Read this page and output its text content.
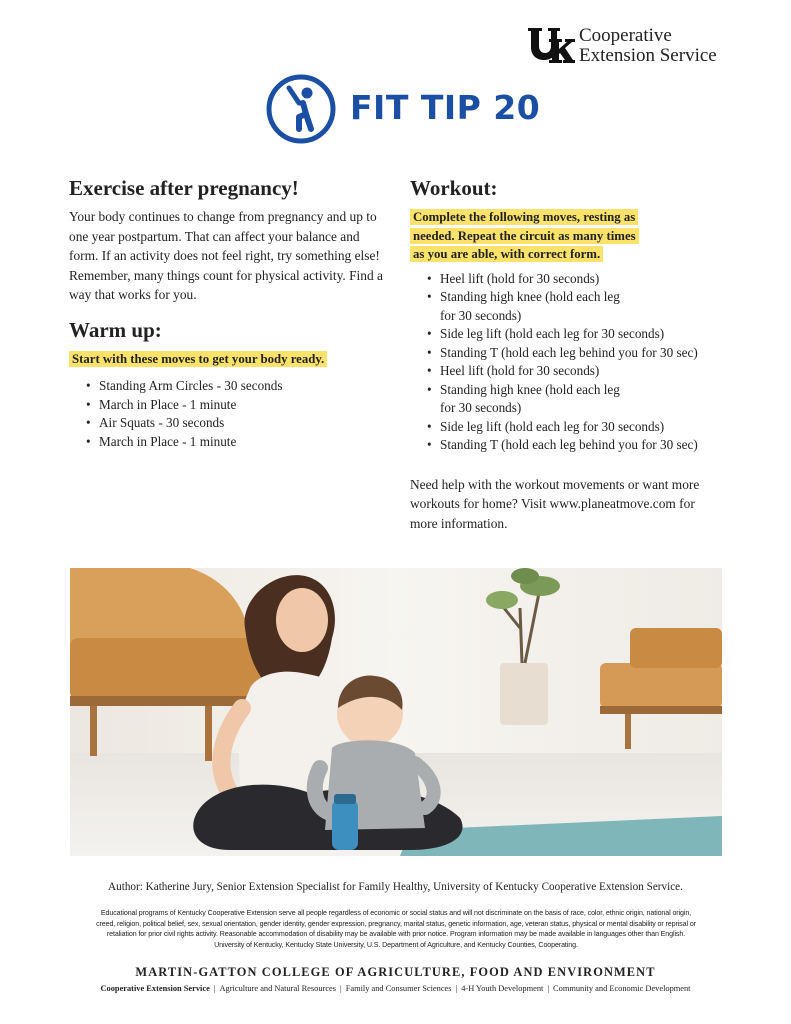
Cooperative
Extension Service
FIT TIP 20
Exercise after pregnancy!

Your body continues to change from pregnancy and up to one year postpartum. That can affect your balance and form. If an activity does not feel right, try something else! Remember, many things count for physical activity. Find a way that works for you.

Warm up:
Start with these moves to get your body ready.
• Standing Arm Circles - 30 seconds
• March in Place - 1 minute
• Air Squats - 30 seconds
• March in Place - 1 minute
Workout:
Complete the following moves, resting as
needed. Repeat the circuit as many times
as you are able, with correct form.
• Heel lift (hold for 30 seconds)
• Standing high knee (hold each leg for 30 seconds)
• Side leg lift (hold each leg for 30 seconds)
• Standing T (hold each leg behind you for 30 sec)
• Heel lift (hold for 30 seconds)
• Standing high knee (hold each leg for 30 seconds)
• Side leg lift (hold each leg for 30 seconds)
• Standing T (hold each leg behind you for 30 sec)

Need help with the workout movements or want more workouts for home? Visit www.planeatmove.com for more information.

Author: Katherine Jury, Senior Extension Specialist for Family Healthy, University of Kentucky Cooperative Extension Service.
Educational programs of Kentucky Cooperative Extension serve all people regardless of economic or social status and will not discriminate on the basis of race, color, ethnic origin, national origin, creed, religion, political belief, sex, sexual orientation, gender identity, gender expression, pregnancy, marital status, genetic information, age, veteran status, physical or mental disability or reprisal or retaliation for prior civil rights activity. Reasonable accommodation of disability may be available with prior notice. Program information may be made available in languages other than English. University of Kentucky, Kentucky State University, U.S. Department of Agriculture, and Kentucky Counties, Cooperating.
MARTIN-GATTON COLLEGE OF AGRICULTURE, FOOD AND ENVIRONMENT
Cooperative Extension Service | Agriculture and Natural Resources | Family and Consumer Sciences | 4-H Youth Development | Community and Economic Development
